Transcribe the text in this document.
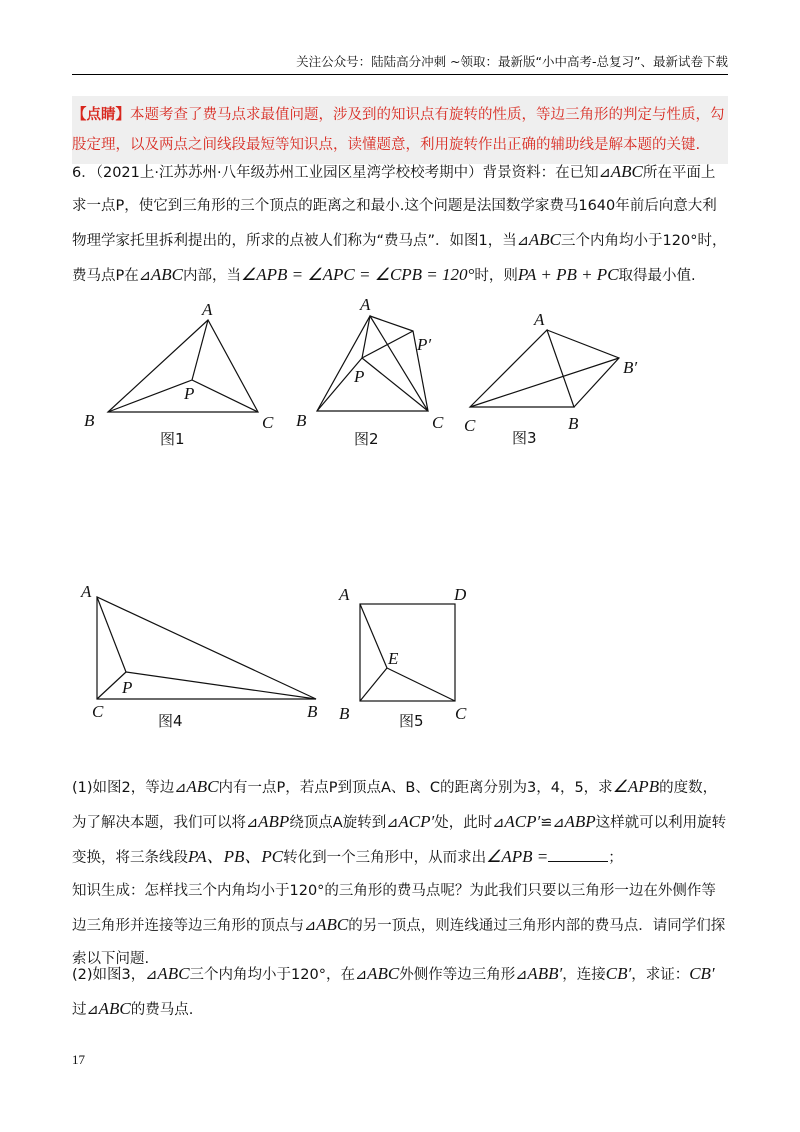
关注公众号：陆陆高分冲刺 ~领取：最新版“小中高考-总复习”、最新试卷下载
【点睛】本题考查了费马点求最值问题，涉及到的知识点有旋转的性质，等边三角形的判定与性质，勾股定理，以及两点之间线段最短等知识点，读懂题意，利用旋转作出正确的辅助线是解本题的关键.
6．（2021上·江苏苏州·八年级苏州工业园区星湾学校校考期中）背景资料：在已知⊿ABC所在平面上求一点P，使它到三角形的三个顶点的距离之和最小.这个问题是法国数学家费马1640年前后向意大利物理学家托里拆利提出的，所求的点被人们称为“费马点”．如图1，当⊿ABC三个内角均小于120°时，费马点P在⊿ABC内部，当∠APB = ∠APC = ∠CPB = 120°时，则PA + PB + PC取得最小值.
A
B	C
P
图1
A
B	C
P
P′
图2
A
C	B
B′
图3
A
C	B
P
图4
A	D
E
B	C
图5
(1)如图2，等边⊿ABC内有一点P，若点P到顶点A、B、C的距离分别为3，4，5，求∠APB的度数，为了解决本题，我们可以将⊿ABP绕顶点A旋转到⊿ACP′处，此时⊿ACP′≌⊿ABP这样就可以利用旋转变换，将三条线段PA、PB、PC转化到一个三角形中，从而求出∠APB =	；
知识生成：怎样找三个内角均小于120°的三角形的费马点呢？为此我们只要以三角形一边在外侧作等边三角形并连接等边三角形的顶点与⊿ABC的另一顶点，则连线通过三角形内部的费马点．请同学们探索以下问题.
(2)如图3，⊿ABC三个内角均小于120°，在⊿ABC外侧作等边三角形⊿ABB′，连接CB′，求证：CB′过⊿ABC的费马点.
17
